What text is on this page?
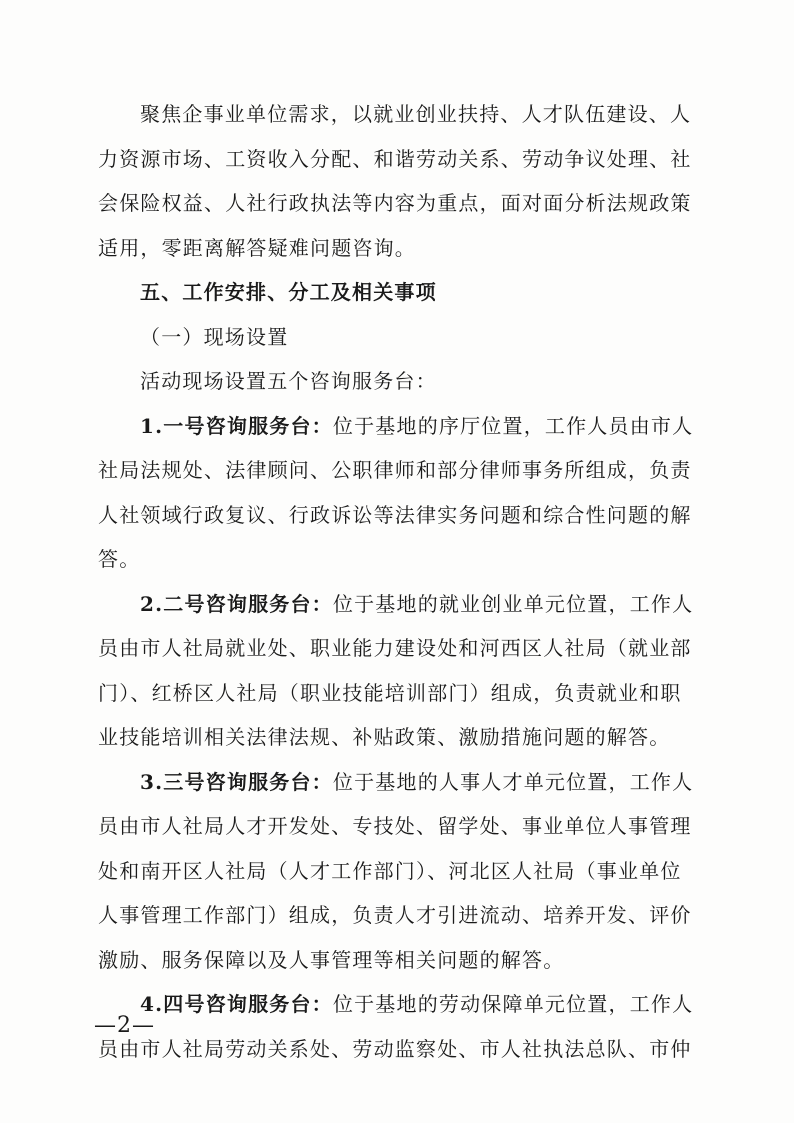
聚焦企事业单位需求，以就业创业扶持、人才队伍建设、人
力资源市场、工资收入分配、和谐劳动关系、劳动争议处理、社
会保险权益、人社行政执法等内容为重点，面对面分析法规政策
适用，零距离解答疑难问题咨询。
五、工作安排、分工及相关事项
（一）现场设置
活动现场设置五个咨询服务台：
1.一号咨询服务台：位于基地的序厅位置，工作人员由市人
社局法规处、法律顾问、公职律师和部分律师事务所组成，负责
人社领域行政复议、行政诉讼等法律实务问题和综合性问题的解
答。
2.二号咨询服务台：位于基地的就业创业单元位置，工作人
员由市人社局就业处、职业能力建设处和河西区人社局（就业部
门）、红桥区人社局（职业技能培训部门）组成，负责就业和职
业技能培训相关法律法规、补贴政策、激励措施问题的解答。
3.三号咨询服务台：位于基地的人事人才单元位置，工作人
员由市人社局人才开发处、专技处、留学处、事业单位人事管理
处和南开区人社局（人才工作部门）、河北区人社局（事业单位
人事管理工作部门）组成，负责人才引进流动、培养开发、评价
激励、服务保障以及人事管理等相关问题的解答。
4.四号咨询服务台：位于基地的劳动保障单元位置，工作人
员由市人社局劳动关系处、劳动监察处、市人社执法总队、市仲
—2—
